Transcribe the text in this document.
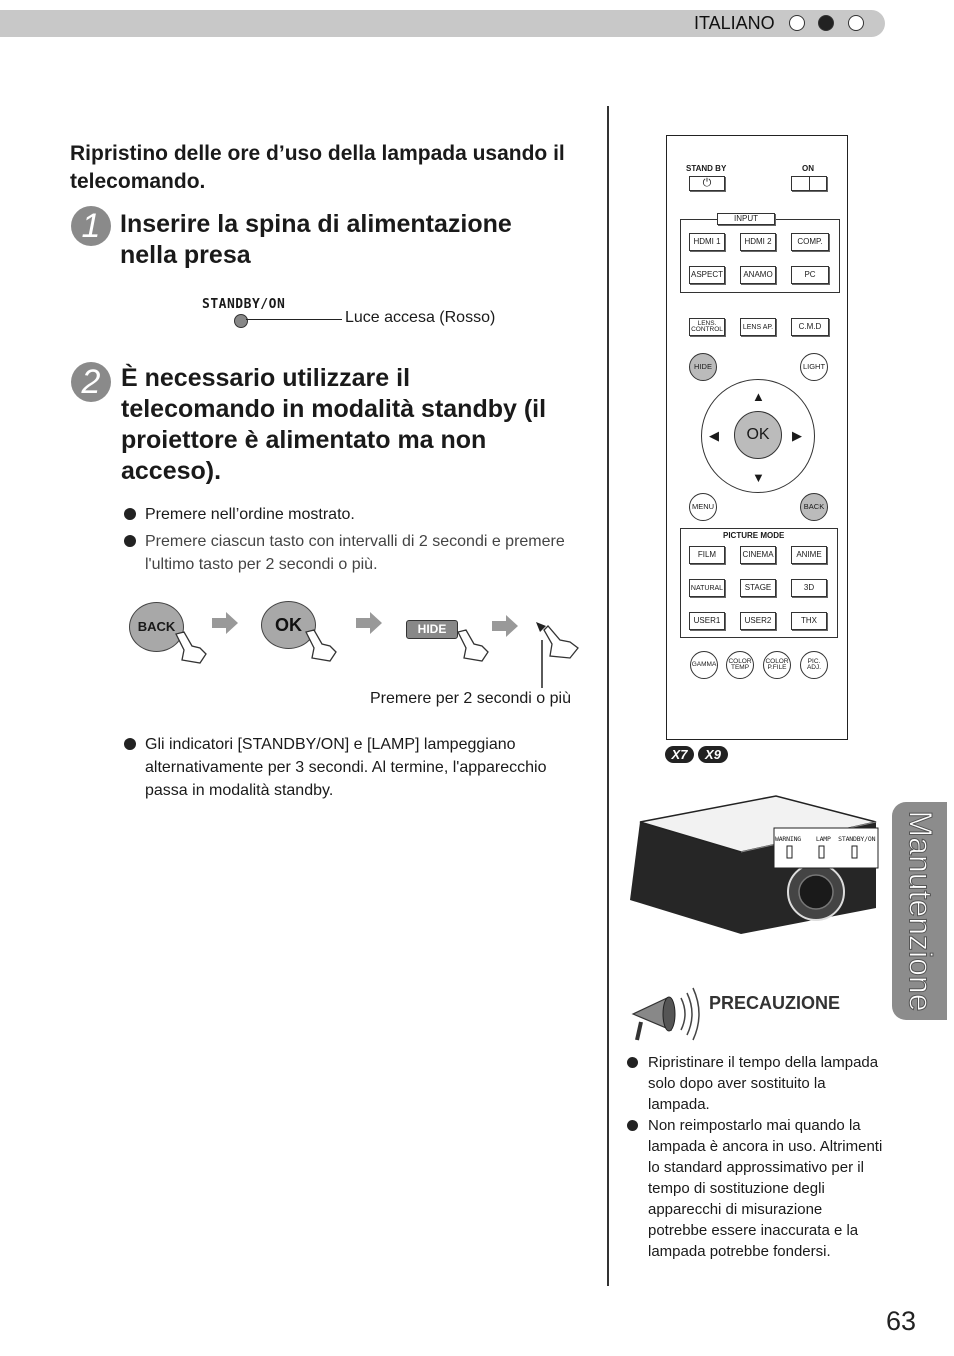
ITALIANO
Ripristino delle ore d’uso della lampada usando il telecomando.
1 Inserire la spina di alimentazione nella presa
STANDBY/ON
Luce accesa (Rosso)
2 È necessario utilizzare il telecomando in modalità standby (il proiettore è alimentato ma non acceso).
Premere nell’ordine mostrato.
Premere ciascun tasto con intervalli di 2 secondi e premere l'ultimo tasto per 2 secondi o più.
BACK	OK	HIDE
Premere per 2 secondi o più
Gli indicatori [STANDBY/ON] e [LAMP] lampeggiano alternativamente per 3 secondi. Al termine, l'apparecchio passa in modalità standby.
STAND BY
⏻
ON
INPUT
HDMI 1	HDMI 2	COMP.
ASPECT	ANAMO	PC
LENS. CONTROL	LENS AP.	C.M.D
HIDE	LIGHT
OK
▲
▼
◀	▶
MENU	BACK
PICTURE MODE
FILM	CINEMA	ANIME
NATURAL	STAGE	3D
USER1	USER2	THX
GAMMA	COLOR TEMP
COLOR P.FILE
PIC. ADJ.
X7	X9
WARNING LAMP STANDBY/ON
PRECAUZIONE
Ripristinare il tempo della lampada solo dopo aver sostituito la lampada.
Non reimpostarlo mai quando la lampada è ancora in uso. Altrimenti lo standard approssimativo per il tempo di sostituzione degli apparecchi di misurazione potrebbe essere inaccurata e la lampada potrebbe fondersi.
Manutenzione
63
